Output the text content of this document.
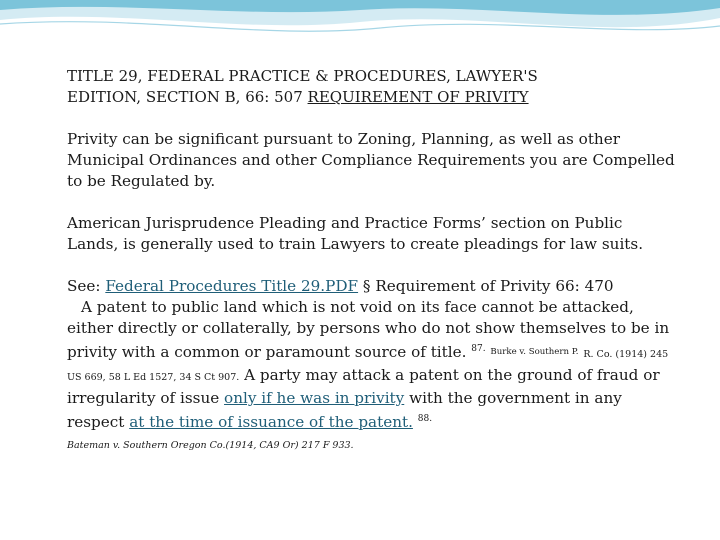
TITLE 29, FEDERAL PRACTICE & PROCEDURES, LAWYER'S
EDITION, SECTION B, 66: 507 REQUIREMENT OF PRIVITY

Privity can be significant pursuant to Zoning, Planning, as well as other Municipal Ordinances and other Compliance Requirements you are Compelled to be Regulated by.

American Jurisprudence Pleading and Practice Forms’ section on Public Lands, is generally used to train Lawyers to create pleadings for law suits.

See: Federal Procedures Title 29.PDF § Requirement of Privity 66: 470
A patent to public land which is not void on its face cannot be attacked, either directly or collaterally, by persons who do not show themselves to be in privity with a common or paramount source of title. $^{87.}$ Burke v. Southern P. R. Co. (1914) 245 US 669, 58 L Ed 1527, 34 S Ct 907. A party may attack a patent on the ground of fraud or irregularity of issue only if he was in privity with the government in any respect at the time of issuance of the patent. $^{88.}$
Bateman v. Southern Oregon Co.(1914, CA9 Or) 217 F 933.
